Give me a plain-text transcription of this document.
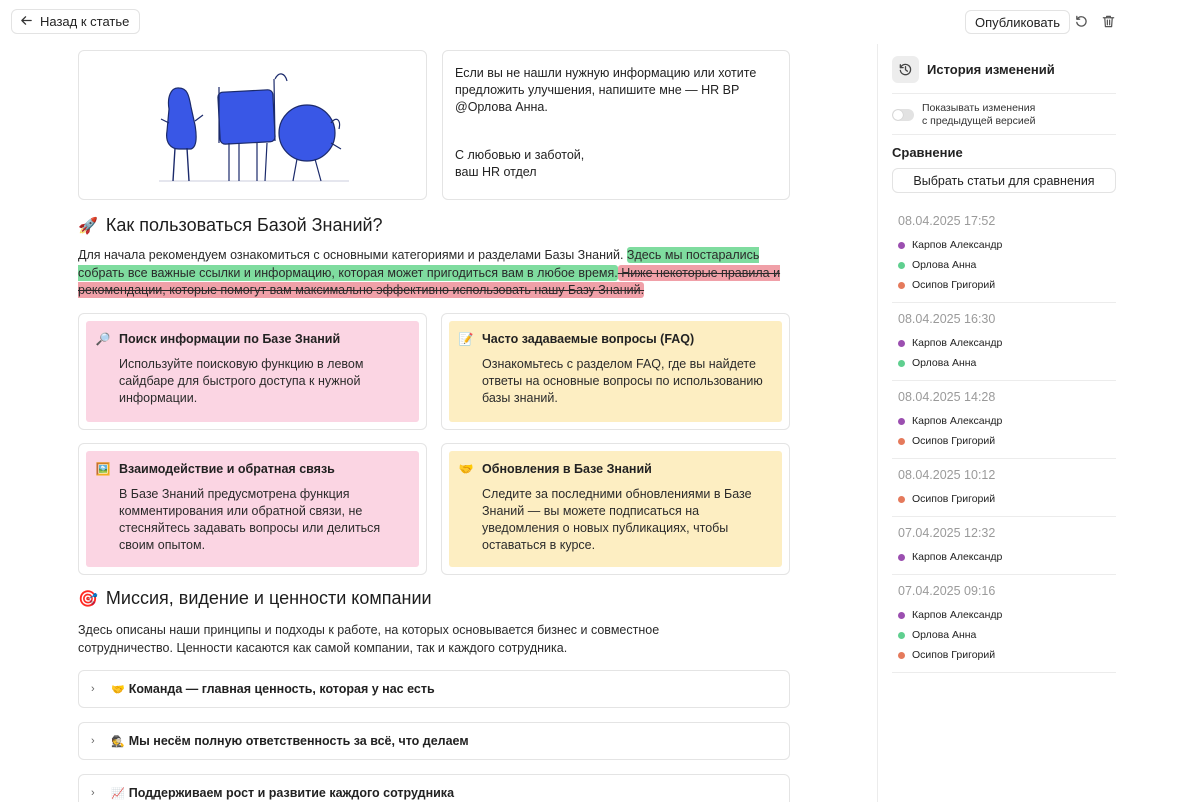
Назад к статье	Опубликовать

Если вы не нашли нужную информацию или хотите предложить улучшения, напишите мне — HR BP @Орлова Анна.

С любовью и заботой,
ваш HR отдел

🚀 Как пользоваться Базой Знаний?
Для начала рекомендуем ознакомиться с основными категориями и разделами Базы Знаний. Здесь мы постарались собрать все важные ссылки и информацию, которая может пригодиться вам в любое время. Ниже некоторые правила и рекомендации, которые помогут вам максимально эффективно использовать нашу Базу Знаний.
🔎 Поиск информации по Базе Знаний
Используйте поисковую функцию в левом сайдбаре для быстрого доступа к нужной информации.
📝 Часто задаваемые вопросы (FAQ)
Ознакомьтесь с разделом FAQ, где вы найдете ответы на основные вопросы по использованию базы знаний.
🖼️ Взаимодействие и обратная связь
В Базе Знаний предусмотрена функция комментирования или обратной связи, не стесняйтесь задавать вопросы или делиться своим опытом.
🤝 Обновления в Базе Знаний
Следите за последними обновлениями в Базе Знаний — вы можете подписаться на уведомления о новых публикациях, чтобы оставаться в курсе.
🎯 Миссия, видение и ценности компании
Здесь описаны наши принципы и подходы к работе, на которых основывается бизнес и совместное сотрудничество. Ценности касаются как самой компании, так и каждого сотрудника.
›	🤝 Команда — главная ценность, которая у нас есть
›	🕵️ Мы несём полную ответственность за всё, что делаем
›	📈 Поддерживаем рост и развитие каждого сотрудника
История изменений
Показывать изменения
с предыдущей версией
Сравнение
Выбрать статьи для сравнения
08.04.2025 17:52
Карпов Александр
Орлова Анна
Осипов Григорий
08.04.2025 16:30
Карпов Александр
Орлова Анна
08.04.2025 14:28
Карпов Александр
Осипов Григорий
08.04.2025 10:12
Осипов Григорий
07.04.2025 12:32
Карпов Александр
07.04.2025 09:16
Карпов Александр
Орлова Анна
Осипов Григорий
